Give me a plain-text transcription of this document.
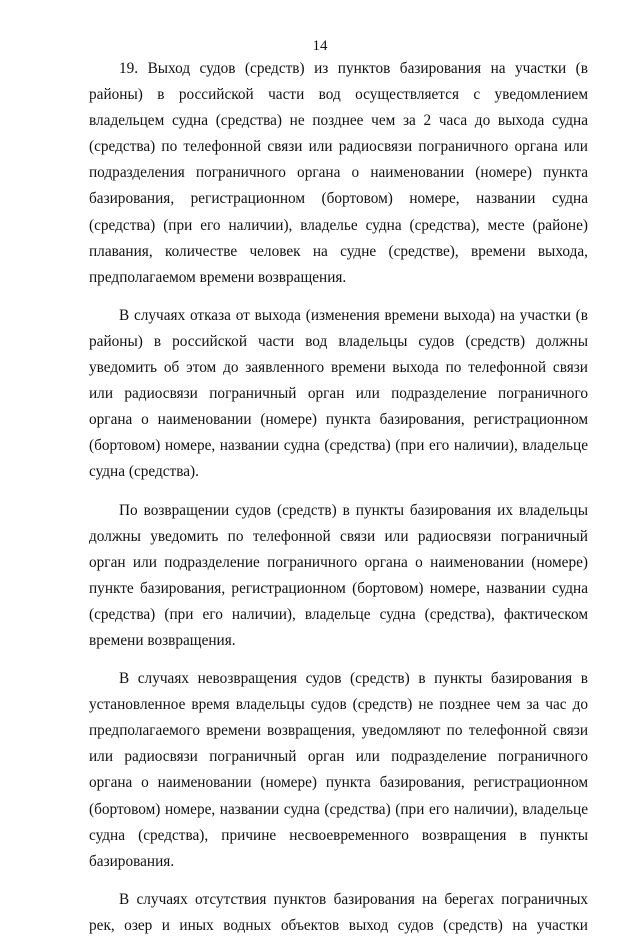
14

19. Выход судов (средств) из пунктов базирования на участки (в районы) в российской части вод осуществляется с уведомлением владельцем судна (средства) не позднее чем за 2 часа до выхода судна (средства) по телефонной связи или радиосвязи пограничного органа или подразделения пограничного органа о наименовании (номере) пункта базирования, регистрационном (бортовом) номере, названии судна (средства) (при его наличии), владелье судна (средства), месте (районе) плавания, количестве человек на судне (средстве), времени выхода, предполагаемом времени возвращения.

В случаях отказа от выхода (изменения времени выхода) на участки (в районы) в российской части вод владельцы судов (средств) должны уведомить об этом до заявленного времени выхода по телефонной связи или радиосвязи пограничный орган или подразделение пограничного органа о наименовании (номере) пункта базирования, регистрационном (бортовом) номере, названии судна (средства) (при его наличии), владельце судна (средства).

По возвращении судов (средств) в пункты базирования их владельцы должны уведомить по телефонной связи или радиосвязи пограничный орган или подразделение пограничного органа о наименовании (номере) пункте базирования, регистрационном (бортовом) номере, названии судна (средства) (при его наличии), владельце судна (средства), фактическом времени возвращения.

В случаях невозвращения судов (средств) в пункты базирования в установленное время владельцы судов (средств) не позднее чем за час до предполагаемого времени возвращения, уведомляют по телефонной связи или радиосвязи пограничный орган или подразделение пограничного органа о наименовании (номере) пункта базирования, регистрационном (бортовом) номере, названии судна (средства) (при его наличии), владельце судна (средства), причине несвоевременного возвращения в пункты базирования.

В случаях отсутствия пунктов базирования на берегах пограничных рек, озер и иных водных объектов выход судов (средств) на участки
